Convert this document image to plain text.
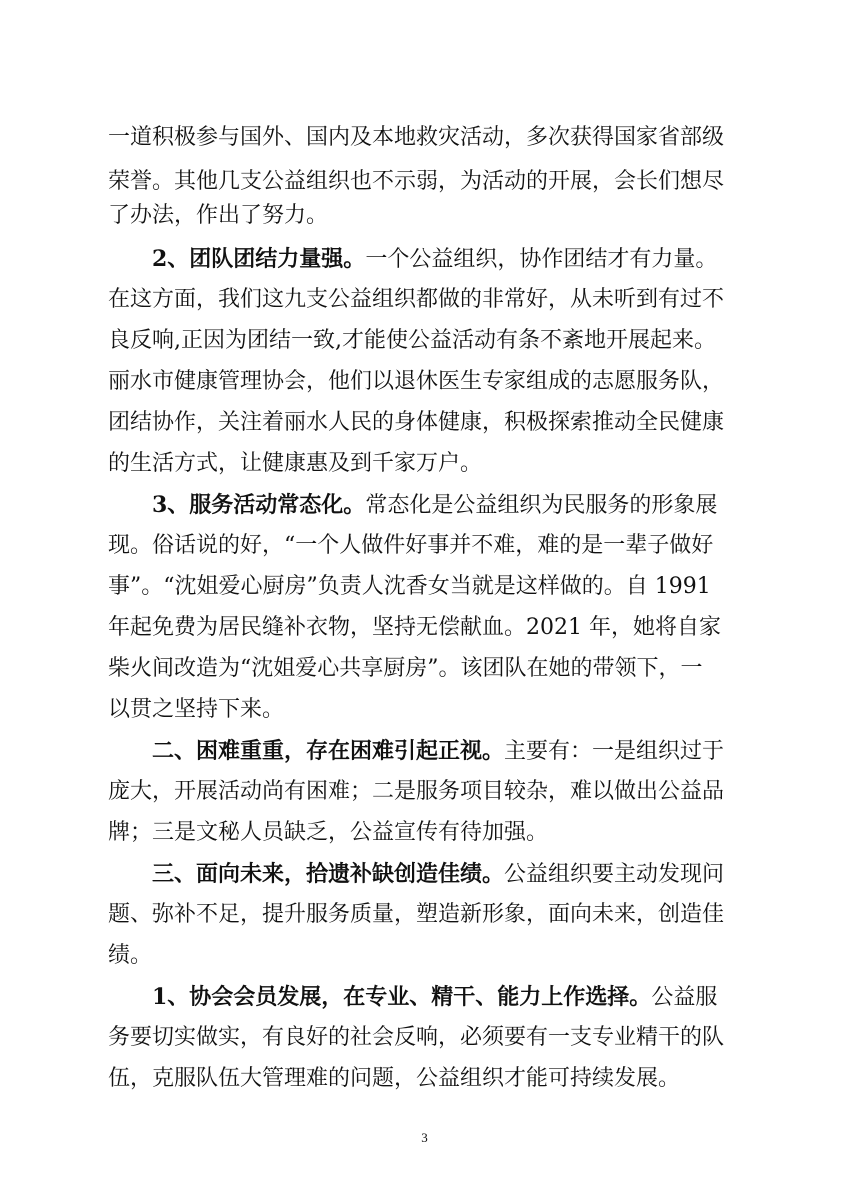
一道积极参与国外、国内及本地救灾活动，多次获得国家省部级
荣誉。其他几支公益组织也不示弱，为活动的开展，会长们想尽
了办法，作出了努力。
2、团队团结力量强。一个公益组织，协作团结才有力量。
在这方面，我们这九支公益组织都做的非常好，从未听到有过不
良反响,正因为团结一致,才能使公益活动有条不紊地开展起来。
丽水市健康管理协会，他们以退休医生专家组成的志愿服务队，
团结协作，关注着丽水人民的身体健康，积极探索推动全民健康
的生活方式，让健康惠及到千家万户。
3、服务活动常态化。常态化是公益组织为民服务的形象展
现。俗话说的好，“一个人做件好事并不难，难的是一辈子做好
事”。“沈姐爱心厨房”负责人沈香女当就是这样做的。自 1991
年起免费为居民缝补衣物，坚持无偿献血。2021 年，她将自家
柴火间改造为“沈姐爱心共享厨房”。该团队在她的带领下，一
以贯之坚持下来。
二、困难重重，存在困难引起正视。主要有：一是组织过于
庞大，开展活动尚有困难；二是服务项目较杂，难以做出公益品
牌；三是文秘人员缺乏，公益宣传有待加强。
三、面向未来，拾遗补缺创造佳绩。公益组织要主动发现问
题、弥补不足，提升服务质量，塑造新形象，面向未来，创造佳
绩。
1、协会会员发展，在专业、精干、能力上作选择。公益服
务要切实做实，有良好的社会反响，必须要有一支专业精干的队
伍，克服队伍大管理难的问题，公益组织才能可持续发展。
3
